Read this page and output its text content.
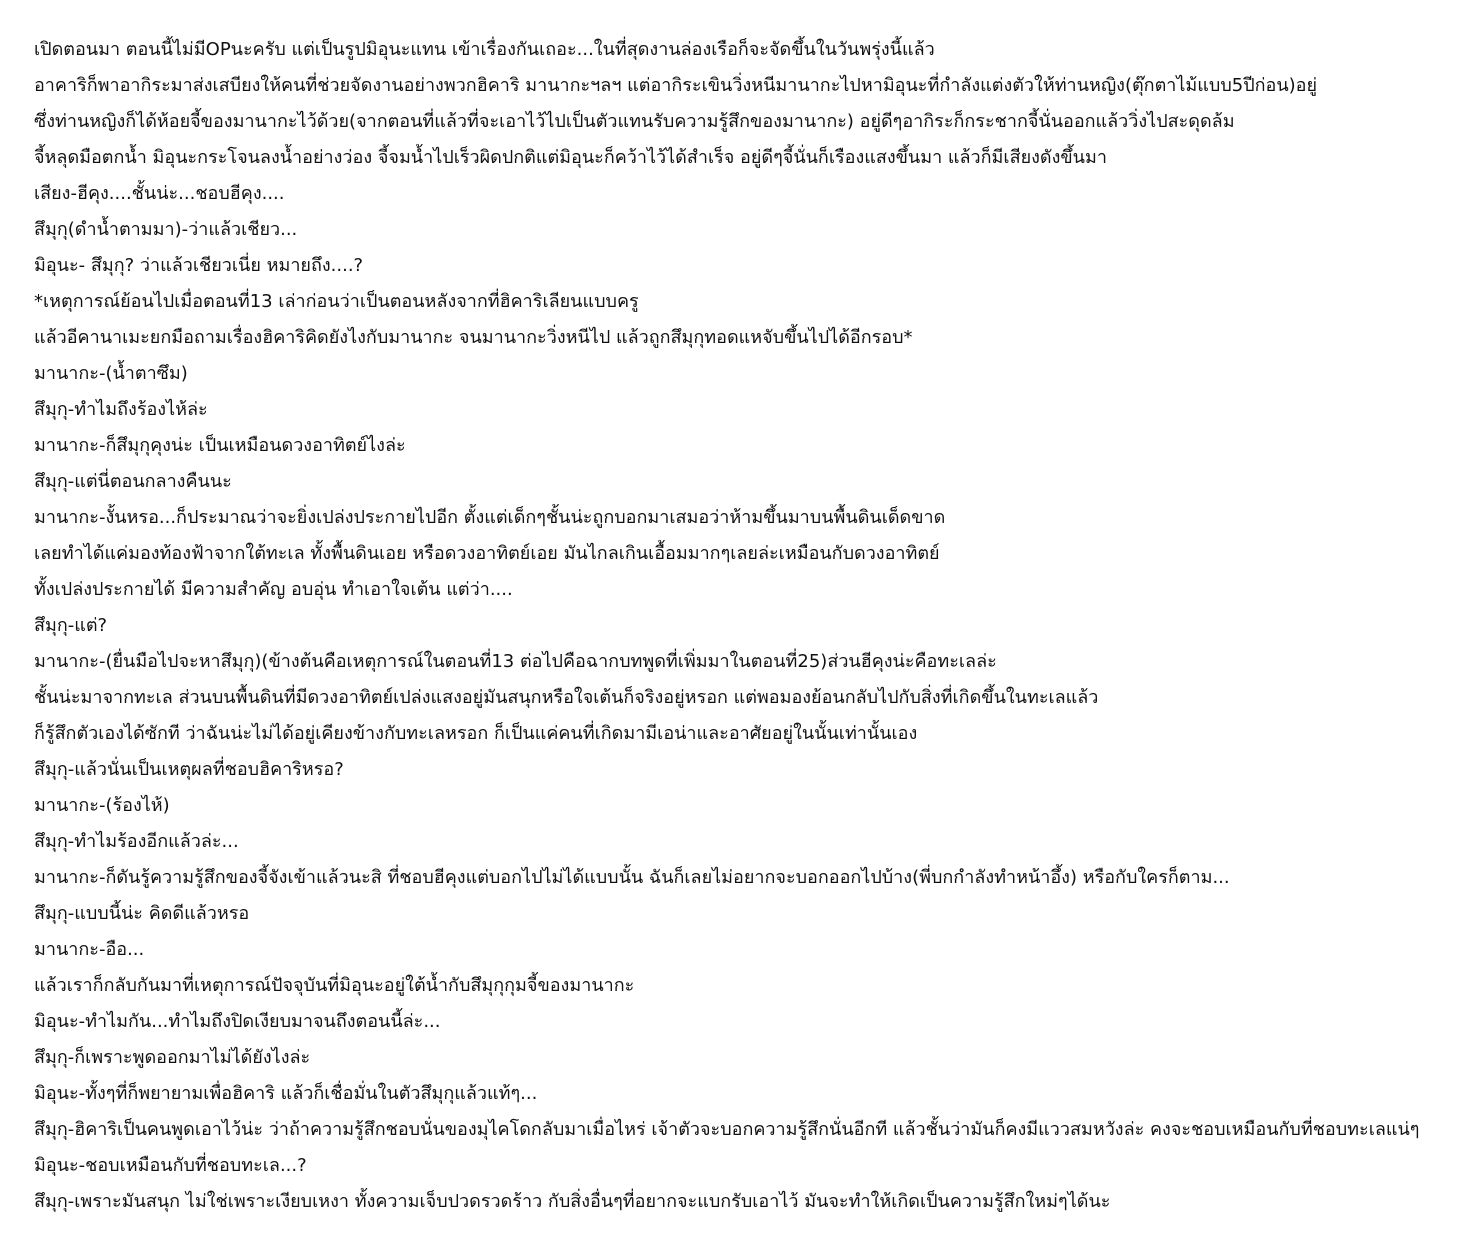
เปิดตอนมา ตอนนี้ไม่มีOPนะครับ แต่เป็นรูปมิอุนะแทน เข้าเรื่องกันเถอะ...ในที่สุดงานล่องเรือก็จะจัดขึ้นในวันพรุ่งนี้แล้ว
อาคาริก็พาอากิระมาส่งเสบียงให้คนที่ช่วยจัดงานอย่างพวกฮิคาริ มานากะฯลฯ แต่อากิระเขินวิ่งหนีมานากะไปหามิอุนะที่กำลังแต่งตัวให้ท่านหญิง(ตุ๊กตาไม้แบบ5ปีก่อน)อยู่
ซึ่งท่านหญิงก็ได้ห้อยจี้ของมานากะไว้ด้วย(จากตอนที่แล้วที่จะเอาไว้ไปเป็นตัวแทนรับความรู้สึกของมานากะ) อยู่ดีๆอากิระก็กระชากจี้นั่นออกแล้ววิ่งไปสะดุดล้ม
จี้หลุดมือตกน้ำ มิอุนะกระโจนลงน้ำอย่างว่อง จี้จมน้ำไปเร็วผิดปกติแต่มิอุนะก็คว้าไว้ได้สำเร็จ อยู่ดีๆจี้นั่นก็เรืองแสงขึ้นมา แล้วก็มีเสียงดังขึ้นมา
เสียง-ฮีคุง....ชั้นน่ะ...ชอบฮีคุง....
สึมุกุ(ดำน้ำตามมา)-ว่าแล้วเชียว...
มิอุนะ- สึมุกุ? ว่าแล้วเชียวเนี่ย หมายถึง....?
*เหตุการณ์ย้อนไปเมื่อตอนที่13 เล่าก่อนว่าเป็นตอนหลังจากที่ฮิคาริเลียนแบบครู
แล้วอีคานาเมะยกมือถามเรื่องฮิคาริคิดยังไงกับมานากะ จนมานากะวิ่งหนีไป แล้วถูกสึมุกุทอดแหจับขึ้นไปได้อีกรอบ*
มานากะ-(น้ำตาซึม)
สึมุกุ-ทำไมถึงร้องไห้ล่ะ
มานากะ-ก็สึมุกุคุงน่ะ เป็นเหมือนดวงอาทิตย์ไงล่ะ
สึมุกุ-แต่นี่ตอนกลางคืนนะ
มานากะ-งั้นหรอ...ก็ประมาณว่าจะยิ่งเปล่งประกายไปอีก ตั้งแต่เด็กๆชั้นน่ะถูกบอกมาเสมอว่าห้ามขึ้นมาบนพื้นดินเด็ดขาด
เลยทำได้แค่มองท้องฟ้าจากใต้ทะเล ทั้งพื้นดินเอย หรือดวงอาทิตย์เอย มันไกลเกินเอื้อมมากๆเลยล่ะเหมือนกับดวงอาทิตย์
ทั้งเปล่งประกายได้ มีความสำคัญ อบอุ่น ทำเอาใจเต้น แต่ว่า....
สึมุกุ-แต่?
มานากะ-(ยื่นมือไปจะหาสึมุกุ)(ข้างต้นคือเหตุการณ์ในตอนที่13 ต่อไปคือฉากบทพูดที่เพิ่มมาในตอนที่25)ส่วนฮีคุงน่ะคือทะเลล่ะ
ชั้นน่ะมาจากทะเล ส่วนบนพื้นดินที่มีดวงอาทิตย์เปล่งแสงอยู่มันสนุกหรือใจเต้นก็จริงอยู่หรอก แต่พอมองย้อนกลับไปกับสิ่งที่เกิดขึ้นในทะเลแล้ว
ก็รู้สึกตัวเองได้ซักที ว่าฉันน่ะไม่ได้อยู่เคียงข้างกับทะเลหรอก ก็เป็นแค่คนที่เกิดมามีเอน่าและอาศัยอยู่ในนั้นเท่านั้นเอง
สึมุกุ-แล้วนั่นเป็นเหตุผลที่ชอบฮิคาริหรอ?
มานากะ-(ร้องไห้)
สึมุกุ-ทำไมร้องอีกแล้วล่ะ...
มานากะ-ก็ดันรู้ความรู้สึกของจี้จังเข้าแล้วนะสิ ที่ชอบฮีคุงแต่บอกไปไม่ได้แบบนั้น ฉันก็เลยไม่อยากจะบอกออกไปบ้าง(พี่บกกำลังทำหน้าอึ้ง) หรือกับใครก็ตาม...
สึมุกุ-แบบนี้น่ะ คิดดีแล้วหรอ
มานากะ-อือ...
แล้วเราก็กลับกันมาที่เหตุการณ์ปัจจุบันที่มิอุนะอยู่ใต้น้ำกับสึมุกุกุมจี้ของมานากะ
มิอุนะ-ทำไมกัน...ทำไมถึงปิดเงียบมาจนถึงตอนนี้ล่ะ...
สึมุกุ-ก็เพราะพูดออกมาไม่ได้ยังไงล่ะ
มิอุนะ-ทั้งๆที่ก็พยายามเพื่อฮิคาริ แล้วก็เชื่อมั่นในตัวสึมุกุแล้วแท้ๆ...
สึมุกุ-ฮิคาริเป็นคนพูดเอาไว้น่ะ ว่าถ้าความรู้สึกชอบนั่นของมุไคโดกลับมาเมื่อไหร่ เจ้าตัวจะบอกความรู้สึกนั่นอีกที แล้วชั้นว่ามันก็คงมีแววสมหวังล่ะ คงจะชอบเหมือนกับที่ชอบทะเลแน่ๆ
มิอุนะ-ชอบเหมือนกับที่ชอบทะเล...?
สึมุกุ-เพราะมันสนุก ไม่ใช่เพราะเงียบเหงา ทั้งความเจ็บปวดรวดร้าว กับสิ่งอื่นๆที่อยากจะแบกรับเอาไว้ มันจะทำให้เกิดเป็นความรู้สึกใหม่ๆได้นะ
